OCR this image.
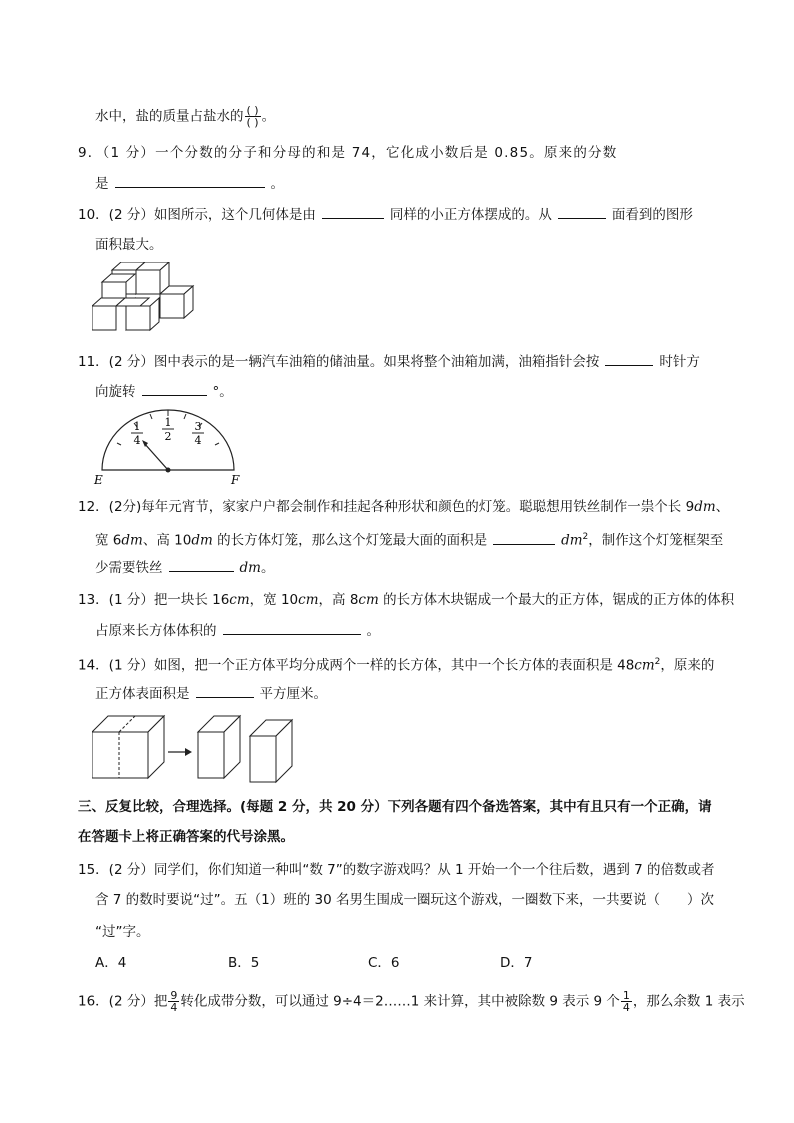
水中，盐的质量占盐水的 $\frac{( )}{( )}$ 。
9．（1 分）一个分数的分子和分母的和是 74，它化成小数后是 0.85。原来的分数
是	。
10．(2 分）如图所示，这个几何体是由	同样的小正方体摆成的。从	面看到的图形
面积最大。
11．(2 分）图中表示的是一辆汽车油箱的储油量。如果将整个油箱加满，油箱指针会按	时针方
向旋转	°。
1
4
1
2
3
4
E	F
12．(2分)每年元宵节，家家户户都会制作和挂起各种形状和颜色的灯笼。聪聪想用铁丝制作一祟个长 9dm、
宽 6dm、高 10dm 的长方体灯笼，那么这个灯笼最大面的面积是	$dm^2$，制作这个灯笼框架至
少需要铁丝	dm。
13．(1 分）把一块长 16cm，宽 10cm，高 8cm 的长方体木块锯成一个最大的正方体，锯成的正方体的体积
占原来长方体体积的	。
14．(1 分）如图，把一个正方体平均分成两个一样的长方体，其中一个长方体的表面积是 $48cm^2$，原来的
正方体表面积是	平方厘米。
三、反复比较，合理选择。(每题 2 分，共 20 分）下列各题有四个备选答案，其中有且只有一个正确，请
在答题卡上将正确答案的代号涂黑。
15．(2 分）同学们，你们知道一种叫“数 7”的数字游戏吗？从 1 开始一个一个往后数，遇到 7 的倍数或者
含 7 的数时要说“过”。五（1）班的 30 名男生围成一圈玩这个游戏，一圈数下来，一共要说（　　）次
“过”字。
A．4	B．5	C．6	D．7
16．(2 分）把 $\frac{9}{4}$ 转化成带分数，可以通过 9÷4＝2……1 来计算，其中被除数 9 表示 9 个 $\frac{1}{4}$ ，那么余数 1 表示
